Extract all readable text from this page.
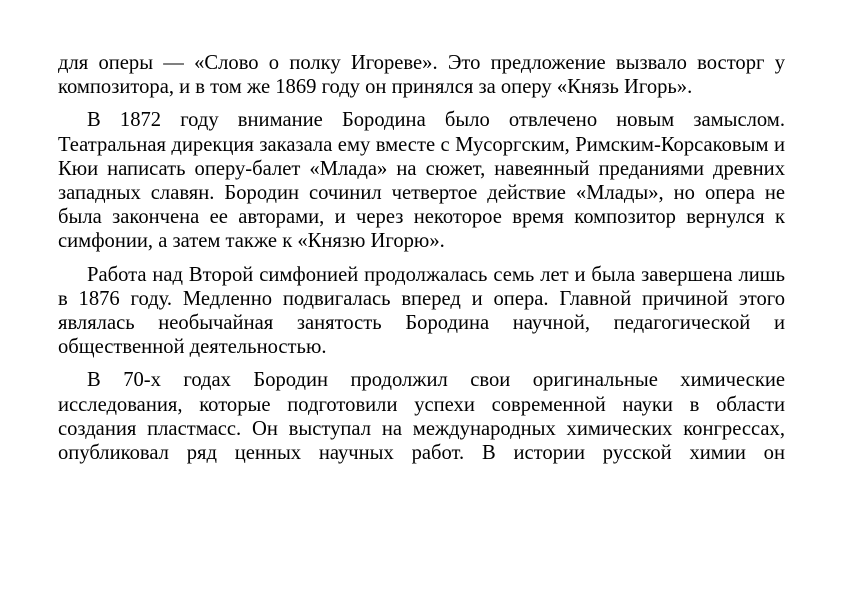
для оперы — «Слово о полку Игореве». Это предложение вызвало восторг у композитора, и в том же 1869 году он принялся за оперу «Князь Игорь».

В 1872 году внимание Бородина было отвлечено новым замыслом. Театральная дирекция заказала ему вместе с Мусоргским, Римским-Корсаковым и Кюи написать оперу-балет «Млада» на сюжет, навеянный преданиями древних западных славян. Бородин сочинил четвертое действие «Млады», но опера не была закончена ее авторами, и через некоторое время композитор вернулся к симфонии, а затем также к «Князю Игорю».

Работа над Второй симфонией продолжалась семь лет и была завершена лишь в 1876 году. Медленно подвигалась вперед и опера. Главной причиной этого являлась необычайная занятость Бородина научной, педагогической и общественной деятельностью.

В 70-х годах Бородин продолжил свои оригинальные химические исследования, которые подготовили успехи современной науки в области создания пластмасс. Он выступал на международных химических конгрессах, опубликовал ряд ценных научных работ. В истории русской химии он
